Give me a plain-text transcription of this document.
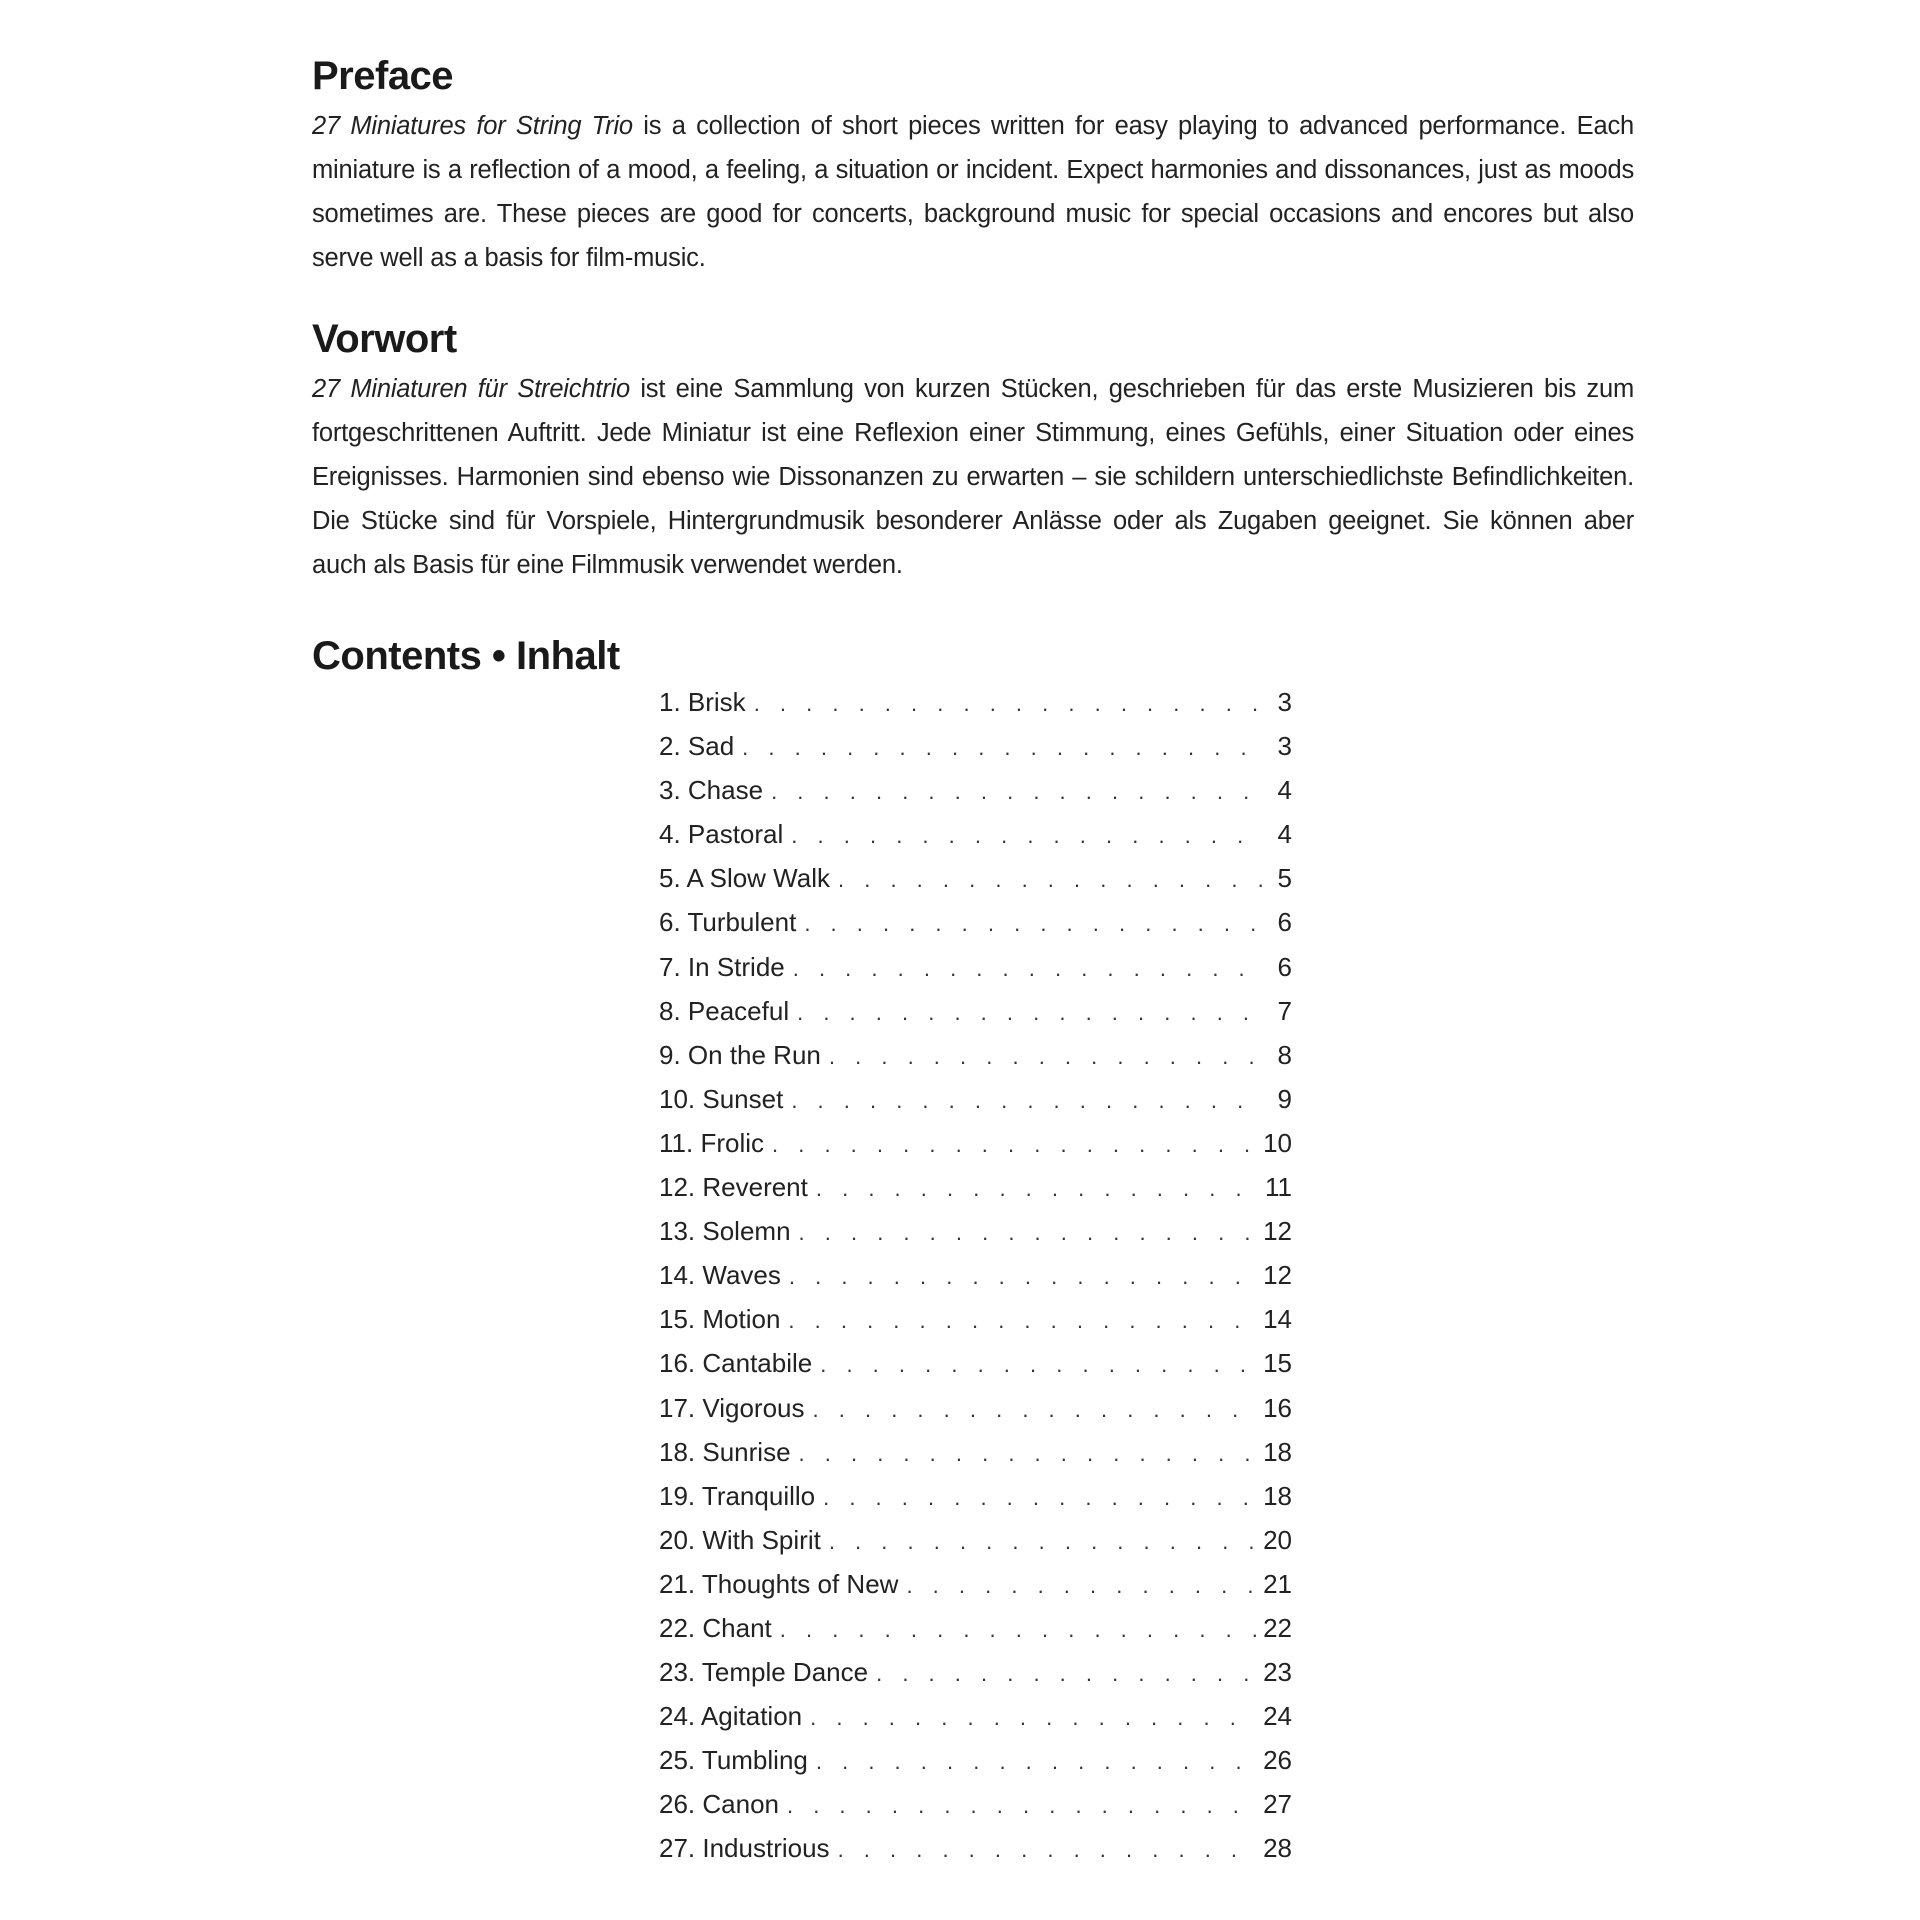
Preface

27 Miniatures for String Trio is a collection of short pieces written for easy playing to advanced performance. Each miniature is a reflection of a mood, a feeling, a situation or incident. Expect harmonies and dissonances, just as moods sometimes are. These pieces are good for concerts, background music for special occasions and encores but also serve well as a basis for film-music.

Vorwort

27 Miniaturen für Streichtrio ist eine Sammlung von kurzen Stücken, geschrieben für das erste Musizieren bis zum fortgeschrittenen Auftritt. Jede Miniatur ist eine Reflexion einer Stimmung, eines Gefühls, einer Situation oder eines Ereignisses. Harmonien sind ebenso wie Dissonanzen zu erwarten – sie schildern unterschiedlichste Befindlichkeiten. Die Stücke sind für Vorspiele, Hintergrundmusik besonderer Anlässe oder als Zugaben geeignet. Sie können aber auch als Basis für eine Filmmusik verwendet werden.

Contents • Inhalt
1. Brisk . . .	3
2. Sad . . .	3
3. Chase . . .	4
4. Pastoral . . .	4
5. A Slow Walk . . .	5
6. Turbulent . . .	6
7. In Stride . . .	6
8. Peaceful . . .	7
9. On the Run . . .	8
10. Sunset . . .	9
11. Frolic . . .	10
12. Reverent . . .	11
13. Solemn . . .	12
14. Waves . . .	12
15. Motion . . .	14
16. Cantabile . . .	15
17. Vigorous . . .	16
18. Sunrise . . .	18
19. Tranquillo . . .	18
20. With Spirit . . .	20
21. Thoughts of New . . .	21
22. Chant . . .	22
23. Temple Dance . . .	23
24. Agitation . . .	24
25. Tumbling . . .	26
26. Canon . . .	27
27. Industrious . . .	28
